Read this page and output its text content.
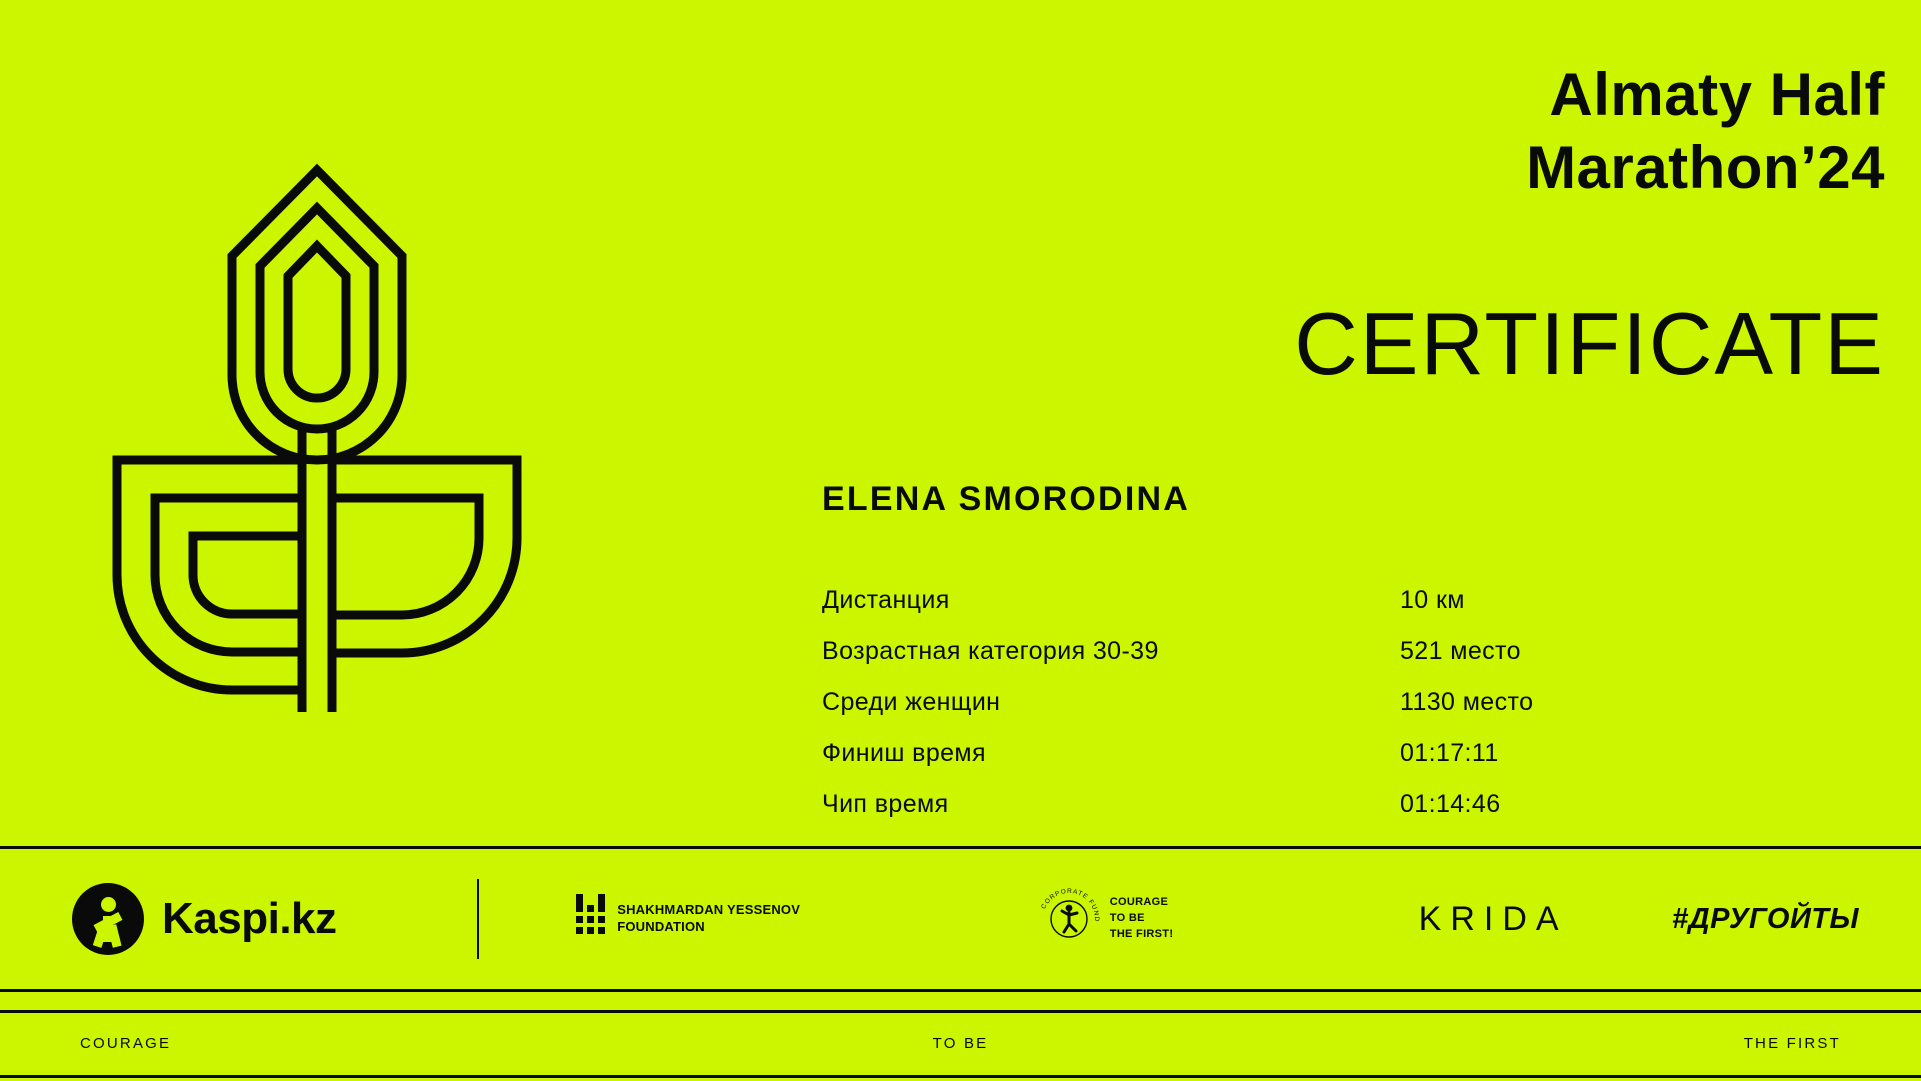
Almaty Half
Marathon’24
CERTIFICATE
ELENA SMORODINA
Дистанция	10 км
Возрастная категория 30-39	521 место
Среди женщин	1130 место
Финиш время	01:17:11
Чип время	01:14:46
Kaspi.kz	SHAKHMARDAN YESSENOV
FOUNDATION
CORPORATE FUND
COURAGE
TO BE
THE FIRST!	KRIDA	#ДРУГОЙТЫ
COURAGE	TO BE	THE FIRST
